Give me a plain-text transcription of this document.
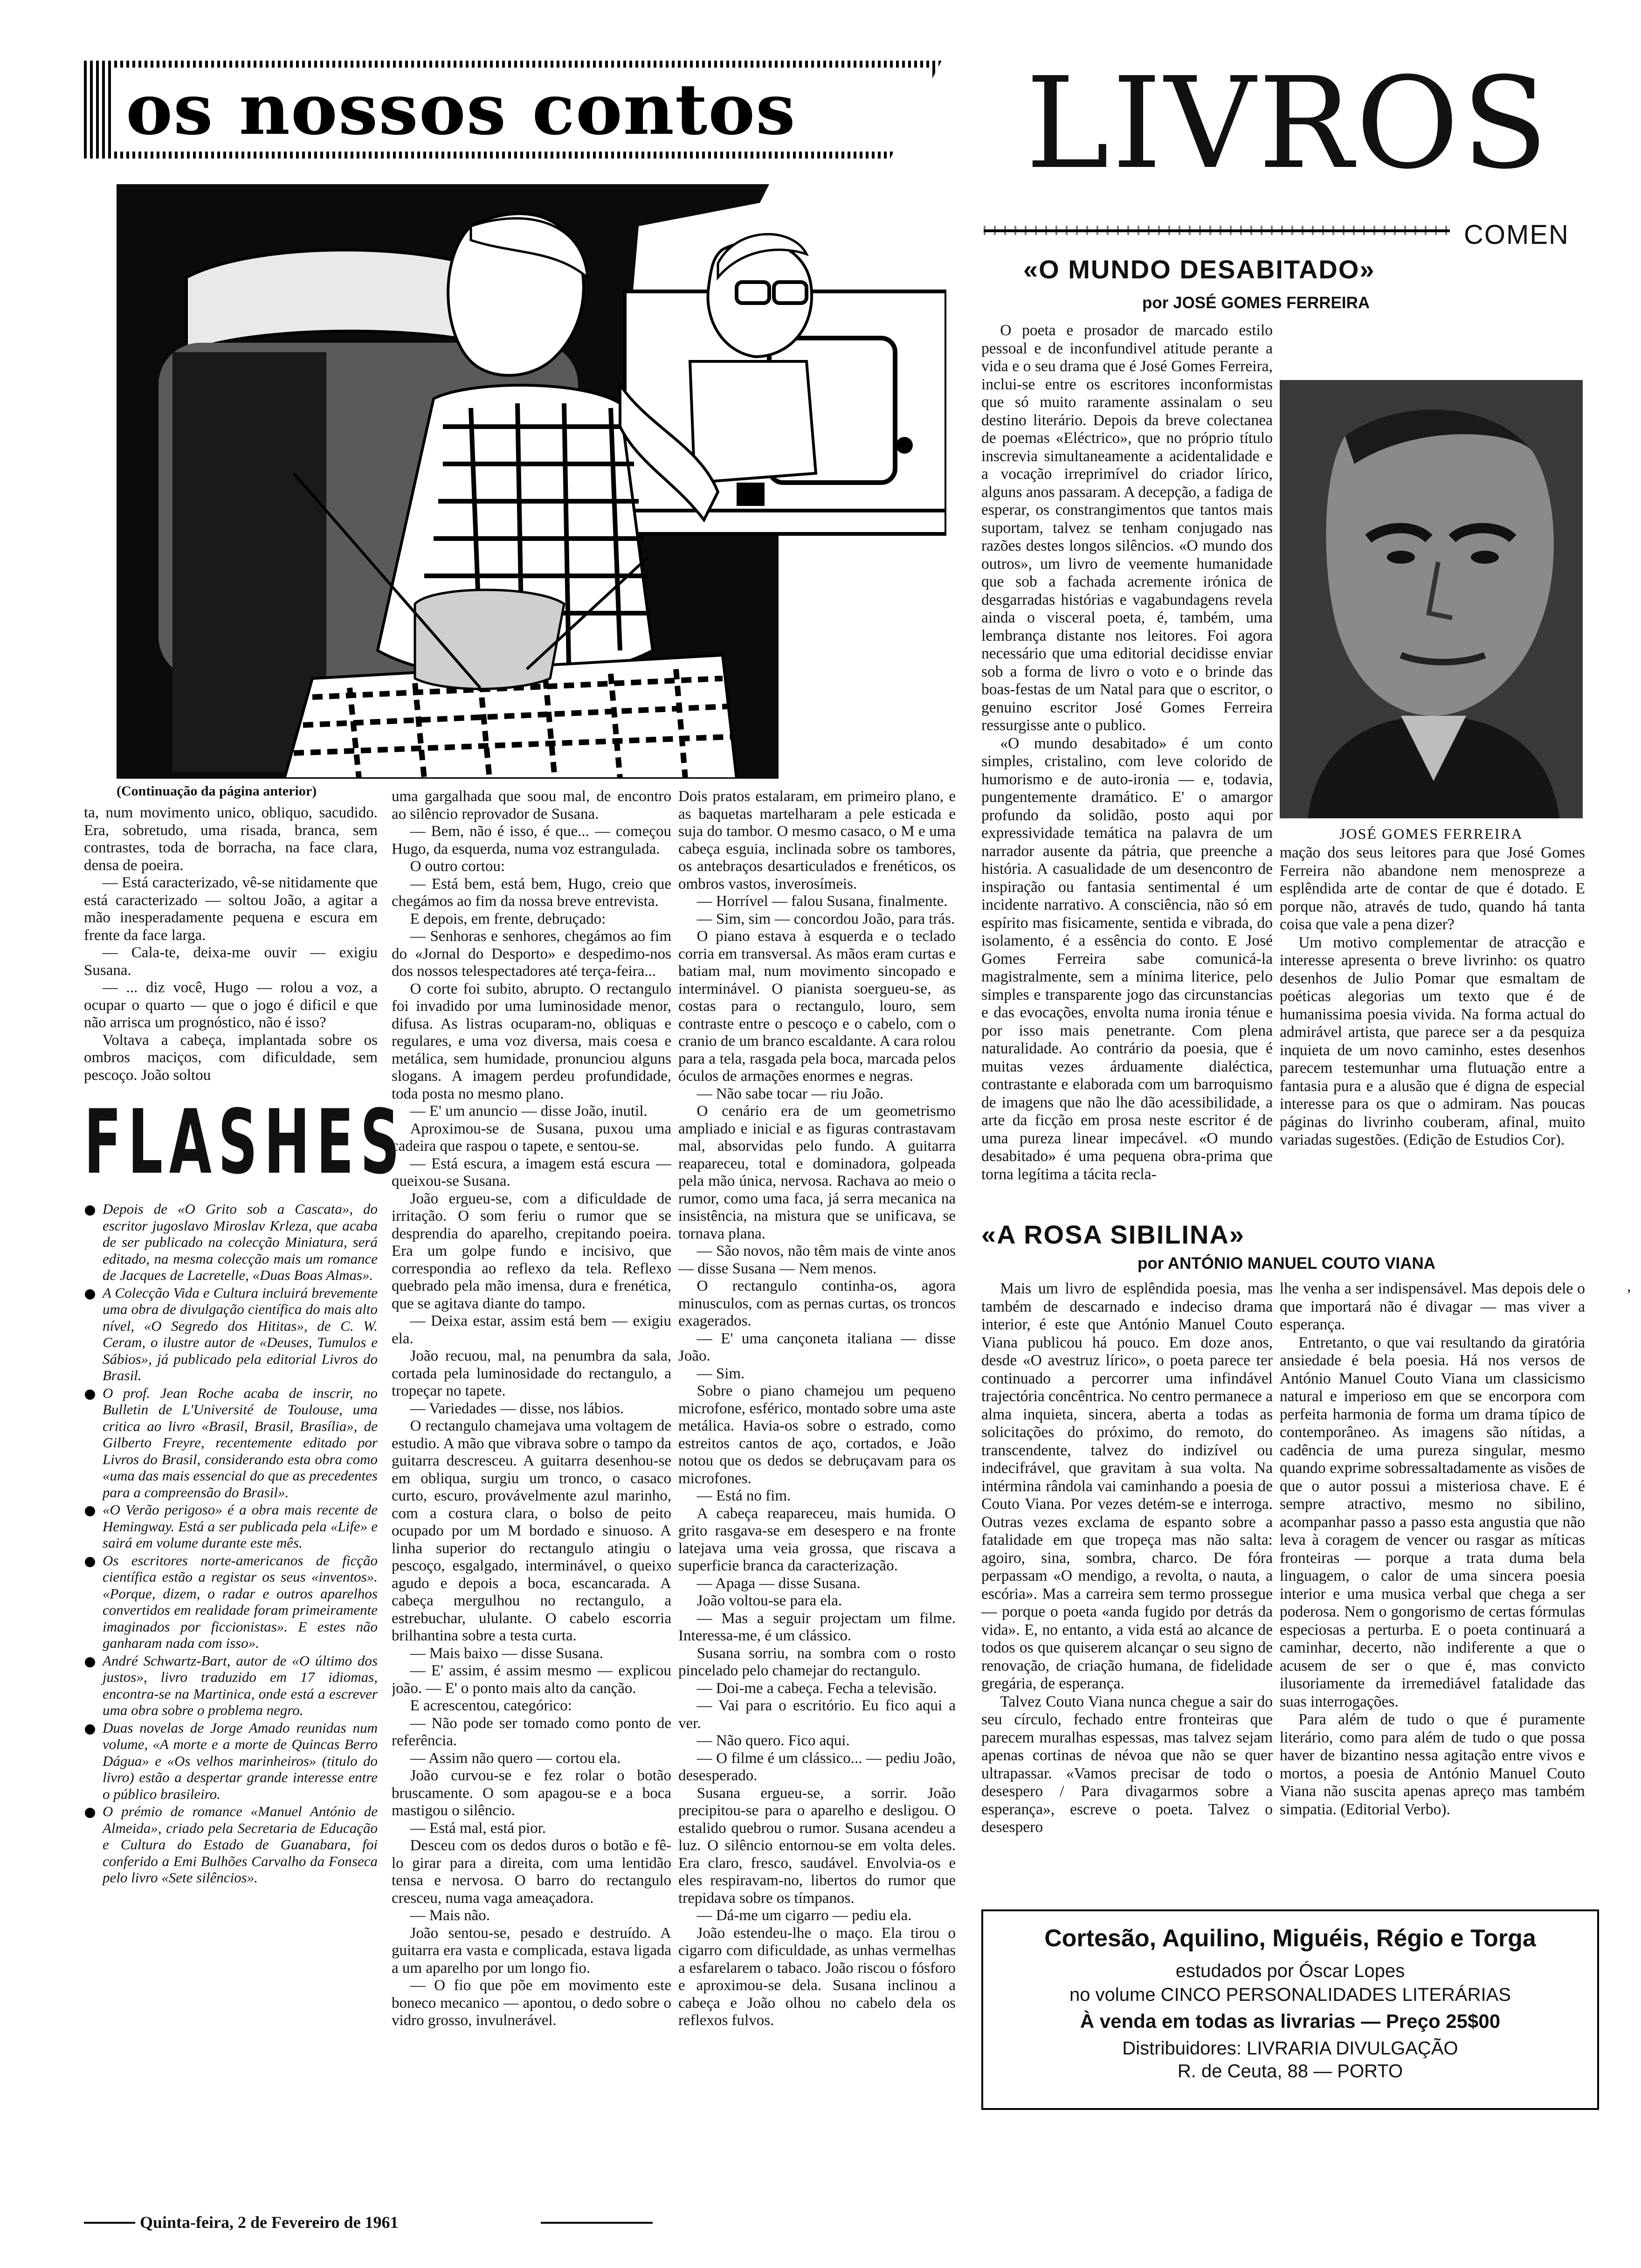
os nossos contos	LIVROS
COMEN
(Continuação da página anterior)

ta, num movimento unico, obliquo, sacudido. Era, sobretudo, uma risada, branca, sem contrastes, toda de borracha, na face clara, densa de poeira.

— Está caracterizado, vê-se nitidamente que está caracterizado — soltou João, a agitar a mão inesperadamente pequena e escura em frente da face larga.

— Cala-te, deixa-me ouvir — exigiu Susana.

— ... diz você, Hugo — rolou a voz, a ocupar o quarto — que o jogo é dificil e que não arrisca um prognóstico, não é isso?

Voltava a cabeça, implantada sobre os ombros maciços, com dificuldade, sem pescoço. João soltou

uma gargalhada que soou mal, de encontro ao silêncio reprovador de Susana.

— Bem, não é isso, é que... — começou Hugo, da esquerda, numa voz estrangulada.

O outro cortou:

— Está bem, está bem, Hugo, creio que chegámos ao fim da nossa breve entrevista.

E depois, em frente, debruçado:

— Senhoras e senhores, chegámos ao fim do «Jornal do Desporto» e despedimo-nos dos nossos telespectadores até terça-feira...

O corte foi subito, abrupto. O rectangulo foi invadido por uma luminosidade menor, difusa. As listras ocuparam-no, obliquas e regulares, e uma voz diversa, mais coesa e metálica, sem humidade, pronunciou alguns slogans. A imagem perdeu profundidade, toda posta no mesmo plano.

— E' um anuncio — disse João, inutil.

Aproximou-se de Susana, puxou uma cadeira que raspou o tapete, e sentou-se.

— Está escura, a imagem está escura — queixou-se Susana.

João ergueu-se, com a dificuldade de irritação. O som feriu o rumor que se desprendia do aparelho, crepitando poeira. Era um golpe fundo e incisivo, que correspondia ao reflexo da tela. Reflexo quebrado pela mão imensa, dura e frenética, que se agitava diante do tampo.

— Deixa estar, assim está bem — exigiu ela.

João recuou, mal, na penumbra da sala, cortada pela luminosidade do rectangulo, a tropeçar no tapete.

— Variedades — disse, nos lábios.

O rectangulo chamejava uma voltagem de estudio. A mão que vibrava sobre o tampo da guitarra descresceu. A guitarra desenhou-se em obliqua, surgiu um tronco, o casaco curto, escuro, provávelmente azul marinho, com a costura clara, o bolso de peito ocupado por um M bordado e sinuoso. A linha superior do rectangulo atingiu o pescoço, esgalgado, interminável, o queixo agudo e depois a boca, escancarada. A cabeça mergulhou no rectangulo, a estrebuchar, ululante. O cabelo escorria brilhantina sobre a testa curta.

— Mais baixo — disse Susana.

— E' assim, é assim mesmo — explicou joão. — E' o ponto mais alto da canção.

E acrescentou, categórico:

— Não pode ser tomado como ponto de referência.

— Assim não quero — cortou ela.

João curvou-se e fez rolar o botão bruscamente. O som apagou-se e a boca mastigou o silêncio.

— Está mal, está pior.

Desceu com os dedos duros o botão e fê-lo girar para a direita, com uma lentidão tensa e nervosa. O barro do rectangulo cresceu, numa vaga ameaçadora.

— Mais não.

João sentou-se, pesado e destruído. A guitarra era vasta e complicada, estava ligada a um aparelho por um longo fio.

— O fio que põe em movimento este boneco mecanico — apontou, o dedo sobre o vidro grosso, invulnerável.

Dois pratos estalaram, em primeiro plano, e as baquetas martelharam a pele esticada e suja do tambor. O mesmo casaco, o M e uma cabeça esguia, inclinada sobre os tambores, os antebraços desarticulados e frenéticos, os ombros vastos, inverosímeis.

— Horrível — falou Susana, finalmente.

— Sim, sim — concordou João, para trás.

O piano estava à esquerda e o teclado corria em transversal. As mãos eram curtas e batiam mal, num movimento sincopado e interminável. O pianista soergueu-se, as costas para o rectangulo, louro, sem contraste entre o pescoço e o cabelo, com o cranio de um branco escaldante. A cara rolou para a tela, rasgada pela boca, marcada pelos óculos de armações enormes e negras.

— Não sabe tocar — riu João.

O cenário era de um geometrismo ampliado e inicial e as figuras contrastavam mal, absorvidas pelo fundo. A guitarra reapareceu, total e dominadora, golpeada pela mão única, nervosa. Rachava ao meio o rumor, como uma faca, já serra mecanica na insistência, na mistura que se unificava, se tornava plana.

— São novos, não têm mais de vinte anos — disse Susana — Nem menos.

O rectangulo continha-os, agora minusculos, com as pernas curtas, os troncos exagerados.

— E' uma cançoneta italiana — disse João.

— Sim.

Sobre o piano chamejou um pequeno microfone, esférico, montado sobre uma aste metálica. Havia-os sobre o estrado, como estreitos cantos de aço, cortados, e João notou que os dedos se debruçavam para os microfones.

— Está no fim.

A cabeça reapareceu, mais humida. O grito rasgava-se em desespero e na fronte latejava uma veia grossa, que riscava a superficie branca da caracterização.

— Apaga — disse Susana.

João voltou-se para ela.

— Mas a seguir projectam um filme. Interessa-me, é um clássico.

Susana sorriu, na sombra com o rosto pincelado pelo chamejar do rectangulo.

— Doi-me a cabeça. Fecha a televisão.

— Vai para o escritório. Eu fico aqui a ver.

— Não quero. Fico aqui.

— O filme é um clássico... — pediu João, desesperado.

Susana ergueu-se, a sorrir. João precipitou-se para o aparelho e desligou. O estalido quebrou o rumor. Susana acendeu a luz. O silêncio entornou-se em volta deles. Era claro, fresco, saudável. Envolvia-os e eles respiravam-no, libertos do rumor que trepidava sobre os tímpanos.

— Dá-me um cigarro — pediu ela.

João estendeu-lhe o maço. Ela tirou o cigarro com dificuldade, as unhas vermelhas a esfarelarem o tabaco. João riscou o fósforo e aproximou-se dela. Susana inclinou a cabeça e João olhou no cabelo dela os reflexos fulvos.

FLASHES
Depois de «O Grito sob a Cascata», do escritor jugoslavo Miroslav Krleza, que acaba de ser publicado na colecção Miniatura, será editado, na mesma colecção mais um romance de Jacques de Lacretelle, «Duas Boas Almas».
A Colecção Vida e Cultura incluirá brevemente uma obra de divulgação científica do mais alto nível, «O Segredo dos Hititas», de C. W. Ceram, o ilustre autor de «Deuses, Tumulos e Sábios», já publicado pela editorial Livros do Brasil.
O prof. Jean Roche acaba de inscrir, no Bulletin de L'Université de Toulouse, uma critica ao livro «Brasil, Brasil, Brasília», de Gilberto Freyre, recentemente editado por Livros do Brasil, considerando esta obra como «uma das mais essencial do que as precedentes para a compreensão do Brasil».
«O Verão perigoso» é a obra mais recente de Hemingway. Está a ser publicada pela «Life» e sairá em volume durante este mês.
Os escritores norte-americanos de ficção científica estão a registar os seus «inventos». «Porque, dizem, o radar e outros aparelhos convertidos em realidade foram primeiramente imaginados por ficcionistas». E estes não ganharam nada com isso».
André Schwartz-Bart, autor de «O último dos justos», livro traduzido em 17 idiomas, encontra-se na Martinica, onde está a escrever uma obra sobre o problema negro.
Duas novelas de Jorge Amado reunidas num volume, «A morte e a morte de Quincas Berro Dágua» e «Os velhos marinheiros» (titulo do livro) estão a despertar grande interesse entre o público brasileiro.
O prémio de romance «Manuel António de Almeida», criado pela Secretaria de Educação e Cultura do Estado de Guanabara, foi conferido a Emi Bulhões Carvalho da Fonseca pelo livro «Sete silêncios».
Quinta-feira, 2 de Fevereiro de 1961
«O MUNDO DESABITADO»
por JOSÉ GOMES FERREIRA
JOSÉ GOMES FERREIRA

O poeta e prosador de marcado estilo pessoal e de inconfundivel atitude perante a vida e o seu drama que é José Gomes Ferreira, inclui-se entre os escritores inconformistas que só muito raramente assinalam o seu destino literário. Depois da breve colectanea de poemas «Eléctrico», que no próprio título inscrevia simultaneamente a acidentalidade e a vocação irreprimível do criador lírico, alguns anos passaram. A decepção, a fadiga de esperar, os constrangimentos que tantos mais suportam, talvez se tenham conjugado nas razões destes longos silêncios. «O mundo dos outros», um livro de veemente humanidade que sob a fachada acremente irónica de desgarradas histórias e vagabundagens revela ainda o visceral poeta, é, também, uma lembrança distante nos leitores. Foi agora necessário que uma editorial decidisse enviar sob a forma de livro o voto e o brinde das boas-festas de um Natal para que o escritor, o genuino escritor José Gomes Ferreira ressurgisse ante o publico.

«O mundo desabitado» é um conto simples, cristalino, com leve colorido de humorismo e de auto-ironia — e, todavia, pungentemente dramático. E' o amargor profundo da solidão, posto aqui por expressividade temática na palavra de um narrador ausente da pátria, que preenche a história. A casualidade de um desencontro de inspiração ou fantasia sentimental é um incidente narrativo. A consciência, não só em espírito mas fisicamente, sentida e vibrada, do isolamento, é a essência do conto. E José Gomes Ferreira sabe comunicá-la magistralmente, sem a mínima literice, pelo simples e transparente jogo das circunstancias e das evocações, envolta numa ironia ténue e por isso mais penetrante. Com plena naturalidade. Ao contrário da poesia, que é muitas vezes árduamente dialéctica, contrastante e elaborada com um barroquismo de imagens que não lhe dão acessibilidade, a arte da ficção em prosa neste escritor é de uma pureza linear impecável. «O mundo desabitado» é uma pequena obra-prima que torna legítima a tácita recla-

mação dos seus leitores para que José Gomes Ferreira não abandone nem menospreze a esplêndida arte de contar de que é dotado. E porque não, através de tudo, quando há tanta coisa que vale a pena dizer?

Um motivo complementar de atracção e interesse apresenta o breve livrinho: os quatro desenhos de Julio Pomar que esmaltam de poéticas alegorias um texto que é de humanissima poesia vivida. Na forma actual do admirável artista, que parece ser a da pesquiza inquieta de um novo caminho, estes desenhos parecem testemunhar uma flutuação entre a fantasia pura e a alusão que é digna de especial interesse para os que o admiram. Nas poucas páginas do livrinho couberam, afinal, muito variadas sugestões. (Edição de Estudios Cor).

«A ROSA SIBILINA»
por ANTÓNIO MANUEL COUTO VIANA
,

Mais um livro de esplêndida poesia, mas também de descarnado e indeciso drama interior, é este que António Manuel Couto Viana publicou há pouco. Em doze anos, desde «O avestruz lírico», o poeta parece ter continuado a percorrer uma infindável trajectória concêntrica. No centro permanece a alma inquieta, sincera, aberta a todas as solicitações do próximo, do remoto, do transcendente, talvez do indizível ou indecifrável, que gravitam à sua volta. Na intérmina rândola vai caminhando a poesia de Couto Viana. Por vezes detém-se e interroga. Outras vezes exclama de espanto sobre a fatalidade em que tropeça mas não salta: agoiro, sina, sombra, charco. De fóra perpassam «O mendigo, a revolta, o nauta, a escória». Mas a carreira sem termo prossegue — porque o poeta «anda fugido por detrás da vida». E, no entanto, a vida está ao alcance de todos os que quiserem alcançar o seu signo de renovação, de criação humana, de fidelidade gregária, de esperança.

Talvez Couto Viana nunca chegue a sair do seu círculo, fechado entre fronteiras que parecem muralhas espessas, mas talvez sejam apenas cortinas de névoa que não se quer ultrapassar. «Vamos precisar de todo o desespero / Para divagarmos sobre a esperança», escreve o poeta. Talvez o desespero

lhe venha a ser indispensável. Mas depois dele o que importará não é divagar — mas viver a esperança.

Entretanto, o que vai resultando da giratória ansiedade é bela poesia. Há nos versos de António Manuel Couto Viana um classicismo natural e imperioso em que se encorpora com perfeita harmonia de forma um drama típico de contemporâneo. As imagens são nítidas, a cadência de uma pureza singular, mesmo quando exprime sobressaltadamente as visões de que o autor possui a misteriosa chave. E é sempre atractivo, mesmo no sibilino, acompanhar passo a passo esta angustia que não leva à coragem de vencer ou rasgar as míticas fronteiras — porque a trata duma bela linguagem, o calor de uma sincera poesia interior e uma musica verbal que chega a ser poderosa. Nem o gongorismo de certas fórmulas especiosas a perturba. E o poeta continuará a caminhar, decerto, não indiferente a que o acusem de ser o que é, mas convicto ilusoriamente da irremediável fatalidade das suas interrogações.

Para além de tudo o que é puramente literário, como para além de tudo o que possa haver de bizantino nessa agitação entre vivos e mortos, a poesia de António Manuel Couto Viana não suscita apenas apreço mas também simpatia. (Editorial Verbo).

Cortesão, Aquilino, Miguéis, Régio e Torga
estudados por Óscar Lopes
no volume CINCO PERSONALIDADES LITERÁRIAS
À venda em todas as livrarias — Preço 25$00
Distribuidores: LIVRARIA DIVULGAÇÃO
R. de Ceuta, 88 — PORTO
